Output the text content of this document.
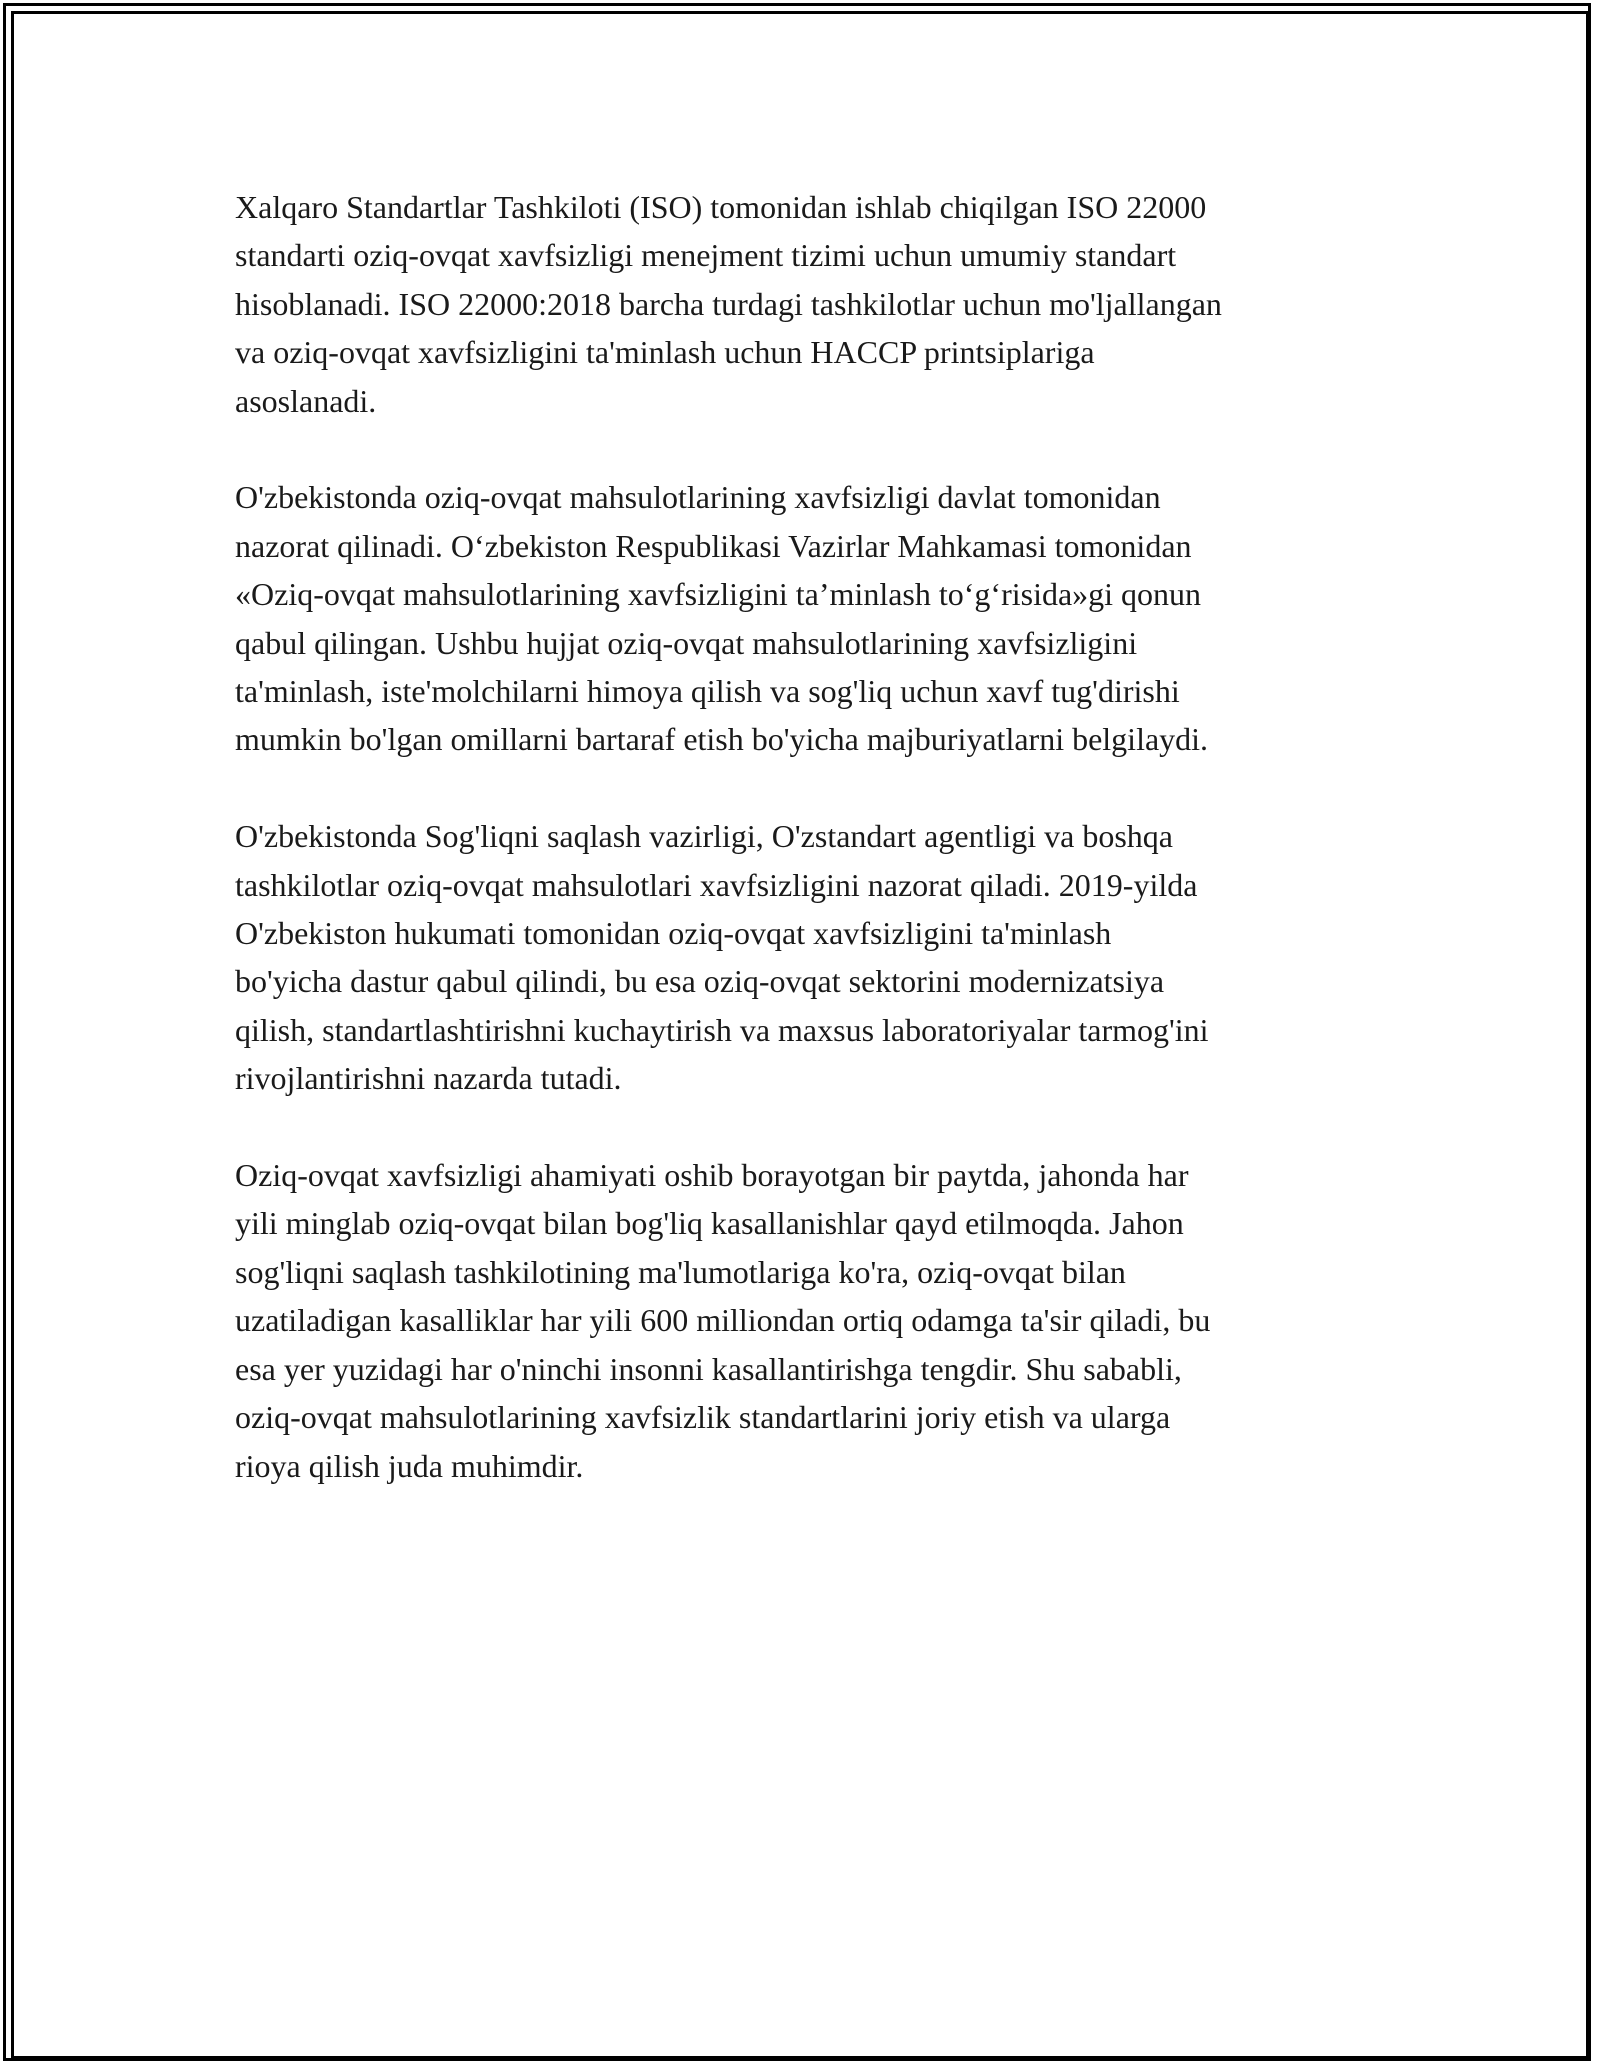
Xalqaro Standartlar Tashkiloti (ISO) tomonidan ishlab chiqilgan ISO 22000
standarti oziq-ovqat xavfsizligi menejment tizimi uchun umumiy standart
hisoblanadi. ISO 22000:2018 barcha turdagi tashkilotlar uchun mo'ljallangan
va oziq-ovqat xavfsizligini ta'minlash uchun HACCP printsiplariga
asoslanadi.

O'zbekistonda oziq-ovqat mahsulotlarining xavfsizligi davlat tomonidan
nazorat qilinadi. O‘zbekiston Respublikasi Vazirlar Mahkamasi tomonidan
«Oziq-ovqat mahsulotlarining xavfsizligini ta’minlash to‘g‘risida»gi qonun
qabul qilingan. Ushbu hujjat oziq-ovqat mahsulotlarining xavfsizligini
ta'minlash, iste'molchilarni himoya qilish va sog'liq uchun xavf tug'dirishi
mumkin bo'lgan omillarni bartaraf etish bo'yicha majburiyatlarni belgilaydi.

O'zbekistonda Sog'liqni saqlash vazirligi, O'zstandart agentligi va boshqa
tashkilotlar oziq-ovqat mahsulotlari xavfsizligini nazorat qiladi. 2019-yilda
O'zbekiston hukumati tomonidan oziq-ovqat xavfsizligini ta'minlash
bo'yicha dastur qabul qilindi, bu esa oziq-ovqat sektorini modernizatsiya
qilish, standartlashtirishni kuchaytirish va maxsus laboratoriyalar tarmog'ini
rivojlantirishni nazarda tutadi.

Oziq-ovqat xavfsizligi ahamiyati oshib borayotgan bir paytda, jahonda har
yili minglab oziq-ovqat bilan bog'liq kasallanishlar qayd etilmoqda. Jahon
sog'liqni saqlash tashkilotining ma'lumotlariga ko'ra, oziq-ovqat bilan
uzatiladigan kasalliklar har yili 600 milliondan ortiq odamga ta'sir qiladi, bu
esa yer yuzidagi har o'ninchi insonni kasallantirishga tengdir. Shu sababli,
oziq-ovqat mahsulotlarining xavfsizlik standartlarini joriy etish va ularga
rioya qilish juda muhimdir.
